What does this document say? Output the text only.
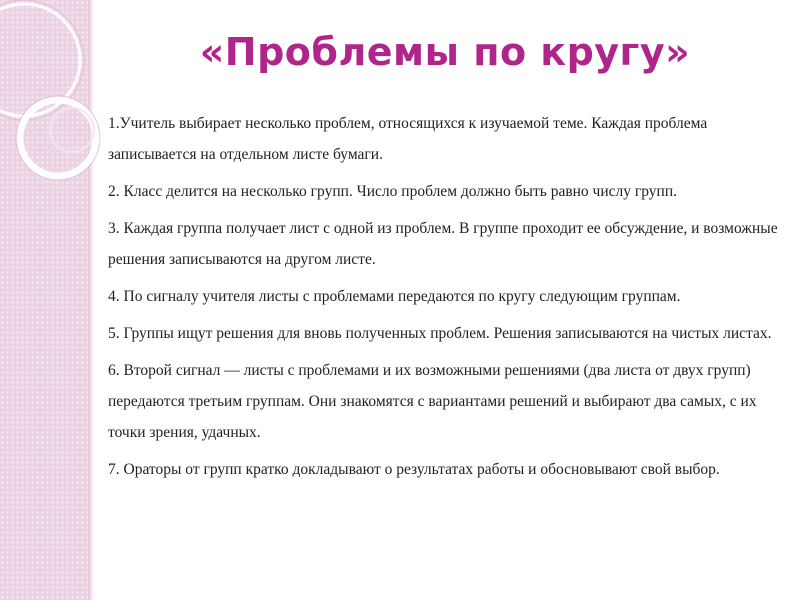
«Проблемы по кругу»

1.Учитель выбирает несколько проблем, относящихся к изучаемой теме. Каждая проблема записывается на отдельном листе бумаги.

2. Класс делится на несколько групп. Число проблем должно быть равно числу групп.

3. Каждая группа получает лист с одной из проблем. В группе проходит ее обсуждение, и возможные решения записываются на другом листе.

4. По сигналу учителя листы с проблемами передаются по кругу следующим группам.

5. Группы ищут решения для вновь полученных проблем. Решения записываются на чистых листах.

6. Второй сигнал — листы с проблемами и их возможными решениями (два листа от двух групп) передаются третьим группам. Они знакомятся с вариантами решений и выбирают два самых, с их точки зрения, удачных.

7. Ораторы от групп кратко докладывают о результатах работы и обосновывают свой выбор.
